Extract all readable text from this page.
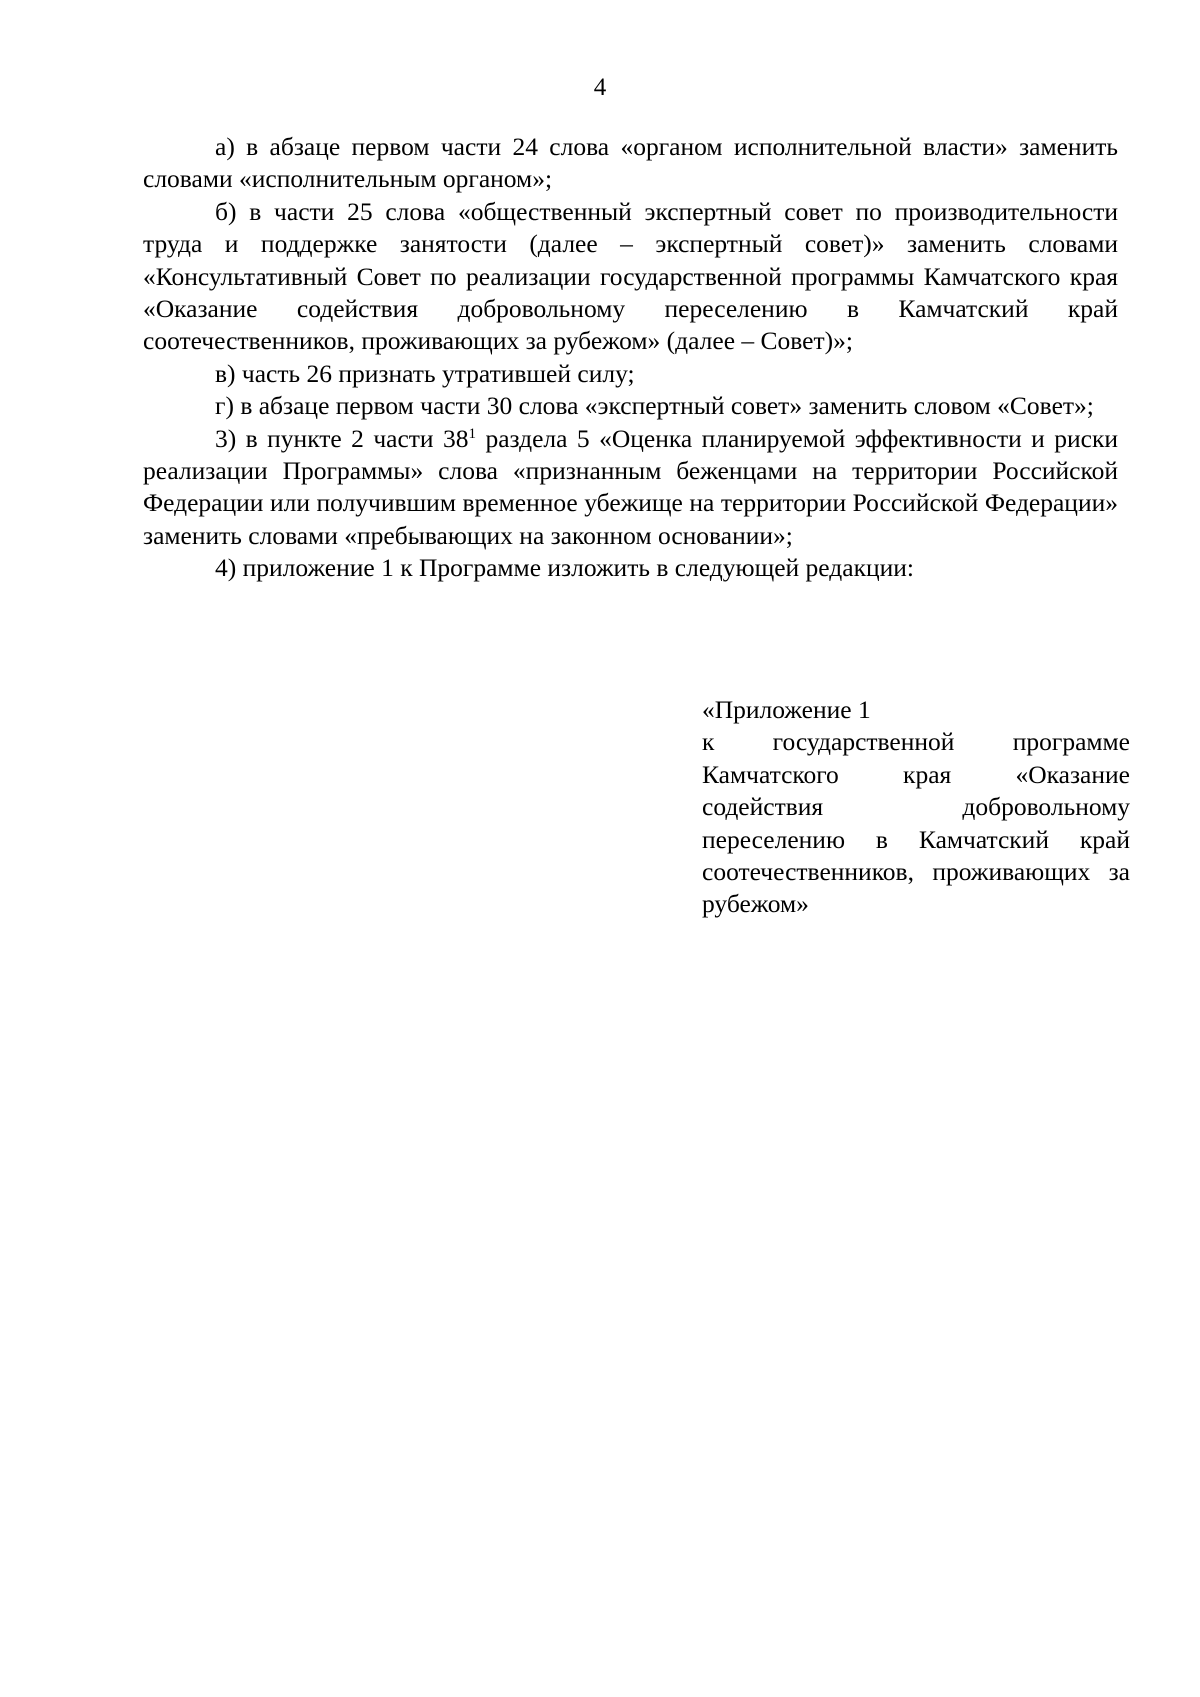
4

а) в абзаце первом части 24 слова «органом исполнительной власти» заменить словами «исполнительным органом»;

б) в части 25 слова «общественный экспертный совет по производительности труда и поддержке занятости (далее – экспертный совет)» заменить словами «Консультативный Совет по реализации государственной программы Камчатского края «Оказание содействия добровольному переселению в Камчатский край соотечественников, проживающих за рубежом» (далее – Совет)»;

в) часть 26 признать утратившей силу;

г) в абзаце первом части 30 слова «экспертный совет» заменить словом «Совет»;

3) в пункте 2 части $38^1$ раздела 5 «Оценка планируемой эффективности и риски реализации Программы» слова «признанным беженцами на территории Российской Федерации или получившим временное убежище на территории Российской Федерации» заменить словами «пребывающих на законном основании»;

4) приложение 1 к Программе изложить в следующей редакции:

«Приложение 1

к государственной программе Камчатского края «Оказание содействия добровольному переселению в Камчатский край соотечественников, проживающих за рубежом»
